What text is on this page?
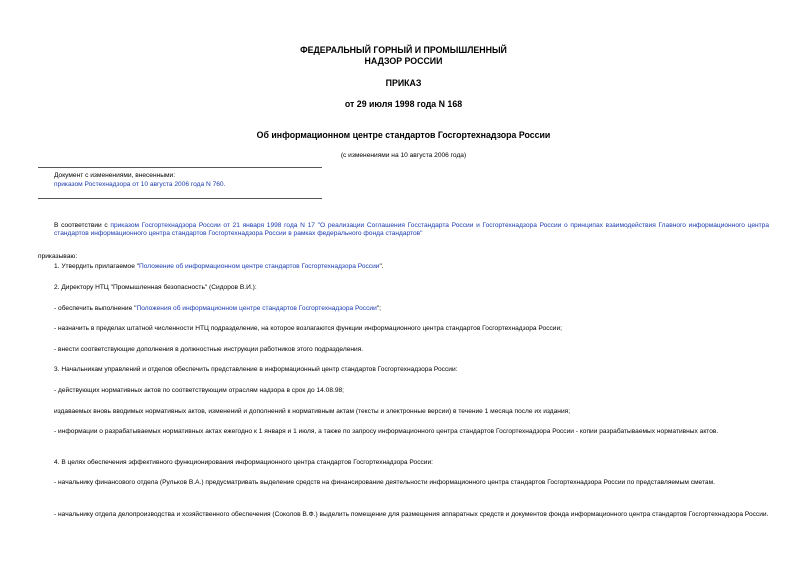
ФЕДЕРАЛЬНЫЙ ГОРНЫЙ И ПРОМЫШЛЕННЫЙ
НАДЗОР РОССИИ
ПРИКАЗ
от 29 июля 1998 года N 168
Об информационном центре стандартов Госгортехнадзора России
(с изменениями на 10 августа 2006 года)
Документ с изменениями, внесенными:
приказом Ростехнадзора от 10 августа 2006 года N 760.
В соответствии с приказом Госгортехнадзора России от 21 января 1998 года N 17 "О реализации Соглашения Госстандарта России и Госгортехнадзора России о принципах взаимодействия Главного информационного центра стандартов информационного центра стандартов Госгортехнадзора России в рамках федерального фонда стандартов"
приказываю:
1. Утвердить прилагаемое "Положение об информационном центре стандартов Госгортехнадзора России".
2. Директору НТЦ "Промышленная безопасность" (Сидоров В.И.):
- обеспечить выполнение "Положения об информационном центре стандартов Госгортехнадзора России";
- назначить в пределах штатной численности НТЦ подразделение, на которое возлагаются функции информационного центра стандартов Госгортехнадзора России;
- внести соответствующие дополнения в должностные инструкции работников этого подразделения.
3. Начальникам управлений и отделов обеспечить представление в информационный центр стандартов Госгортехнадзора России:
- действующих нормативных актов по соответствующим отраслям надзора в срок до 14.08.98;
издаваемых вновь вводимых нормативных актов, изменений и дополнений к нормативным актам (тексты и электронные версии) в течение 1 месяца после их издания;
- информации о разрабатываемых нормативных актах ежегодно к 1 января и 1 июля, а также по запросу информационного центра стандартов Госгортехнадзора России - копии разрабатываемых нормативных актов.
4. В целях обеспечения эффективного функционирования информационного центра стандартов Госгортехнадзора России:
- начальнику финансового отдела (Рульков В.А.) предусматривать выделение средств на финансирование деятельности информационного центра стандартов Госгортехнадзора России по представляемым сметам.
- начальнику отдела делопроизводства и хозяйственного обеспечения (Соколов В.Ф.) выделить помещение для размещения аппаратных средств и документов фонда информационного центра стандартов Госгортехнадзора России.
